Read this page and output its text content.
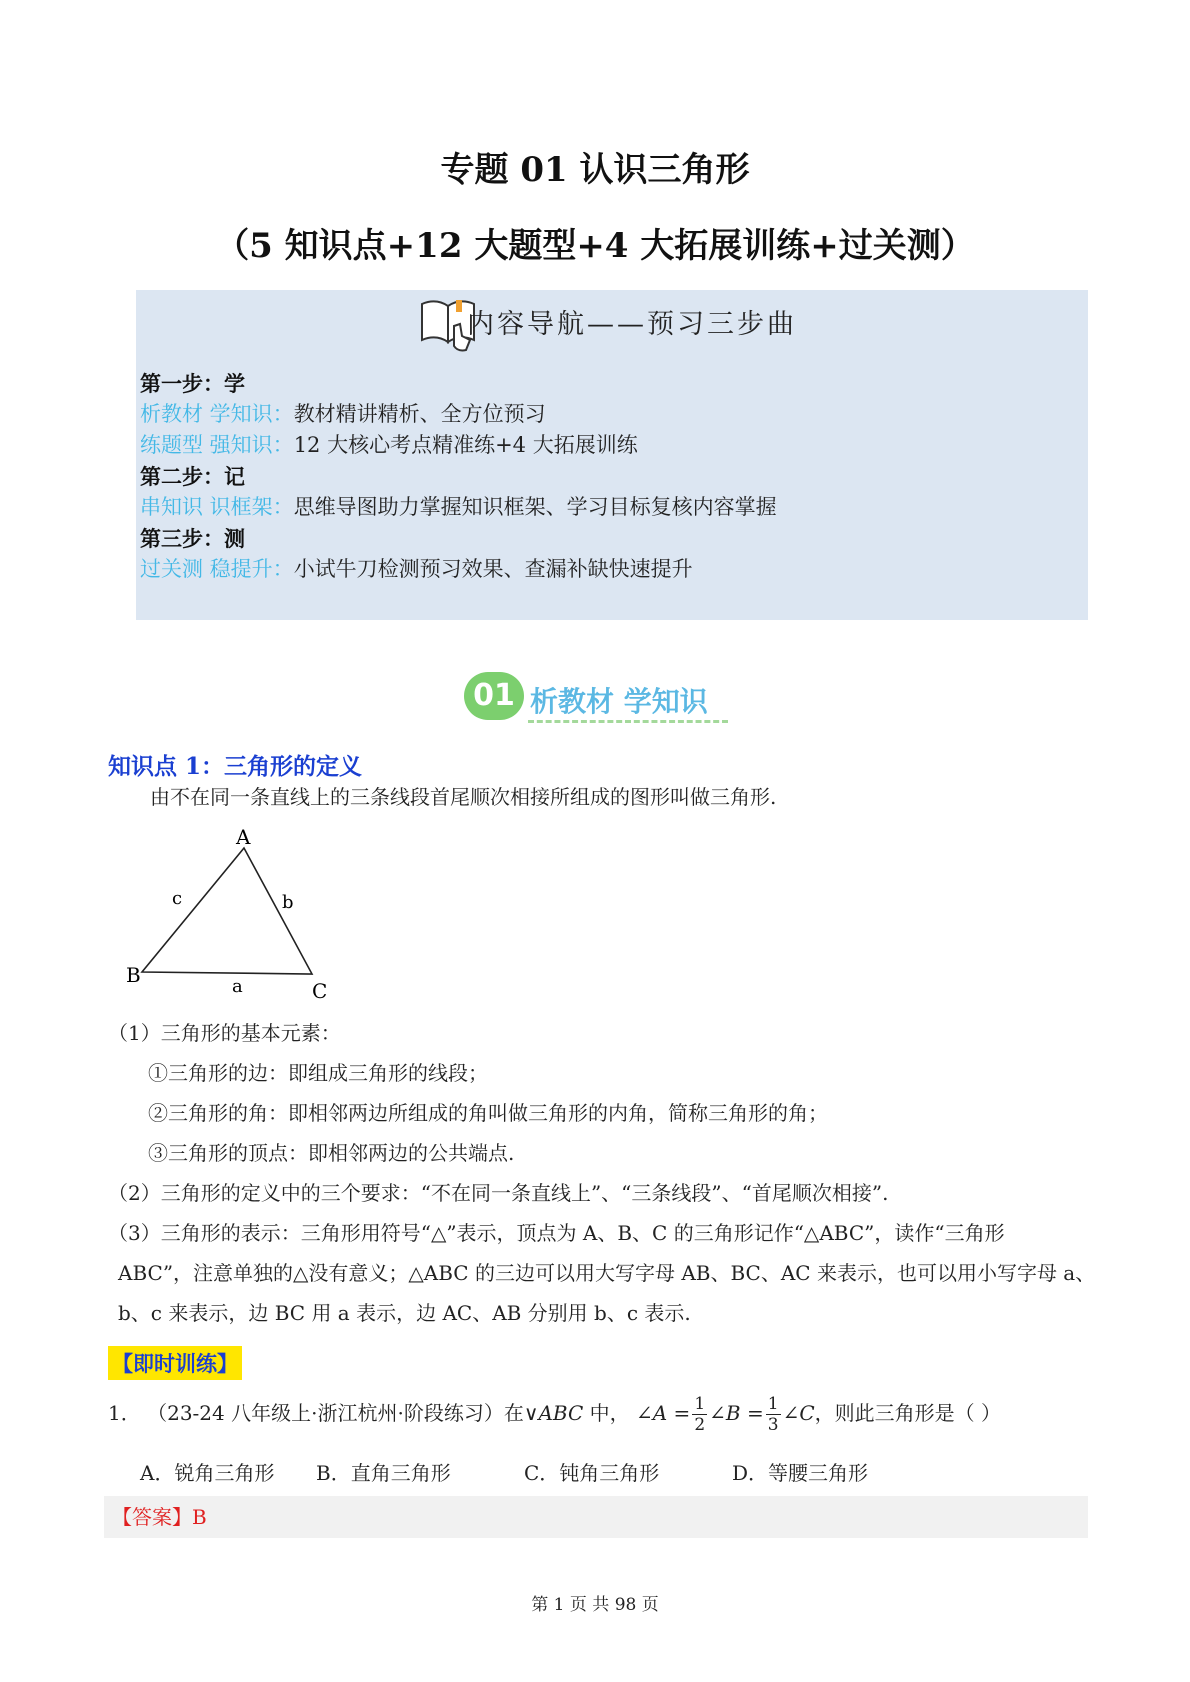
专题 01 认识三角形
（5 知识点+12 大题型+4 大拓展训练+过关测）
内容导航——预习三步曲
第一步：学
析教材 学知识：教材精讲精析、全方位预习
练题型 强知识：12 大核心考点精准练+4 大拓展训练
第二步：记
串知识 识框架：思维导图助力掌握知识框架、学习目标复核内容掌握
第三步：测
过关测 稳提升：小试牛刀检测预习效果、查漏补缺快速提升
01 析教材 学知识
知识点 1：三角形的定义
由不在同一条直线上的三条线段首尾顺次相接所组成的图形叫做三角形.
A
B
C
c	b
a
（1）三角形的基本元素：
①三角形的边：即组成三角形的线段；
②三角形的角：即相邻两边所组成的角叫做三角形的内角，简称三角形的角；
③三角形的顶点：即相邻两边的公共端点.
（2）三角形的定义中的三个要求：“不在同一条直线上”、“三条线段”、“首尾顺次相接”.
（3）三角形的表示：三角形用符号“△”表示，顶点为 A、B、C 的三角形记作“△ABC”，读作“三角形
ABC”，注意单独的△没有意义；△ABC 的三边可以用大写字母 AB、BC、AC 来表示，也可以用小写字母 a、
b、c 来表示，边 BC 用 a 表示，边 AC、AB 分别用 b、c 表示.
【即时训练】
1． （23-24 八年级上·浙江杭州·阶段练习）在∨ABC 中， ∠A = $\frac{1}{2}$ ∠B = $\frac{1}{3}$ ∠C，则此三角形是（ ）
A．锐角三角形 B．直角三角形	C．钝角三角形	D．等腰三角形
【答案】B
第 1 页 共 98 页
